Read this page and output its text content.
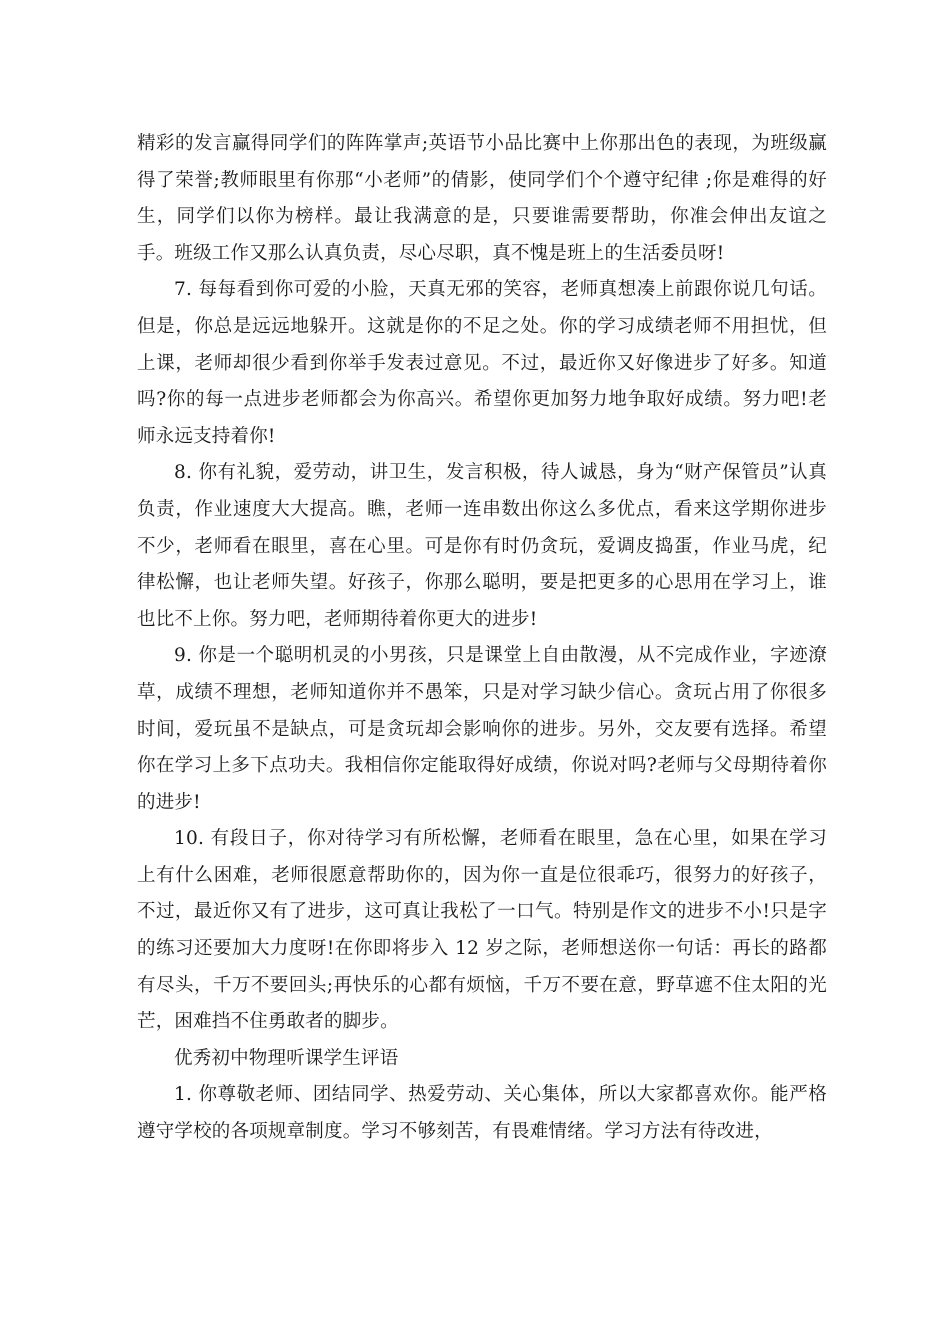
精彩的发言赢得同学们的阵阵掌声;英语节小品比赛中上你那出色的表现，为班级赢得了荣誉;教师眼里有你那“小老师”的倩影，使同学们个个遵守纪律 ;你是难得的好生，同学们以你为榜样。最让我满意的是，只要谁需要帮助，你准会伸出友谊之手。班级工作又那么认真负责，尽心尽职，真不愧是班上的生活委员呀!

7. 每每看到你可爱的小脸，天真无邪的笑容，老师真想凑上前跟你说几句话。但是，你总是远远地躲开。这就是你的不足之处。你的学习成绩老师不用担忧，但上课，老师却很少看到你举手发表过意见。不过，最近你又好像进步了好多。知道吗?你的每一点进步老师都会为你高兴。希望你更加努力地争取好成绩。努力吧!老师永远支持着你!

8. 你有礼貌，爱劳动，讲卫生，发言积极，待人诚恳，身为“财产保管员”认真负责，作业速度大大提高。瞧，老师一连串数出你这么多优点，看来这学期你进步不少，老师看在眼里，喜在心里。可是你有时仍贪玩，爱调皮捣蛋，作业马虎，纪律松懈，也让老师失望。好孩子，你那么聪明，要是把更多的心思用在学习上，谁也比不上你。努力吧，老师期待着你更大的进步!

9. 你是一个聪明机灵的小男孩，只是课堂上自由散漫，从不完成作业，字迹潦草，成绩不理想，老师知道你并不愚笨，只是对学习缺少信心。贪玩占用了你很多时间，爱玩虽不是缺点，可是贪玩却会影响你的进步。另外，交友要有选择。希望你在学习上多下点功夫。我相信你定能取得好成绩，你说对吗?老师与父母期待着你的进步!

10. 有段日子，你对待学习有所松懈，老师看在眼里，急在心里，如果在学习上有什么困难，老师很愿意帮助你的，因为你一直是位很乖巧，很努力的好孩子，不过，最近你又有了进步，这可真让我松了一口气。特别是作文的进步不小!只是字的练习还要加大力度呀!在你即将步入 12 岁之际，老师想送你一句话：再长的路都有尽头，千万不要回头;再快乐的心都有烦恼，千万不要在意，野草遮不住太阳的光芒，困难挡不住勇敢者的脚步。

优秀初中物理听课学生评语

1. 你尊敬老师、团结同学、热爱劳动、关心集体，所以大家都喜欢你。能严格遵守学校的各项规章制度。学习不够刻苦，有畏难情绪。学习方法有待改进，
